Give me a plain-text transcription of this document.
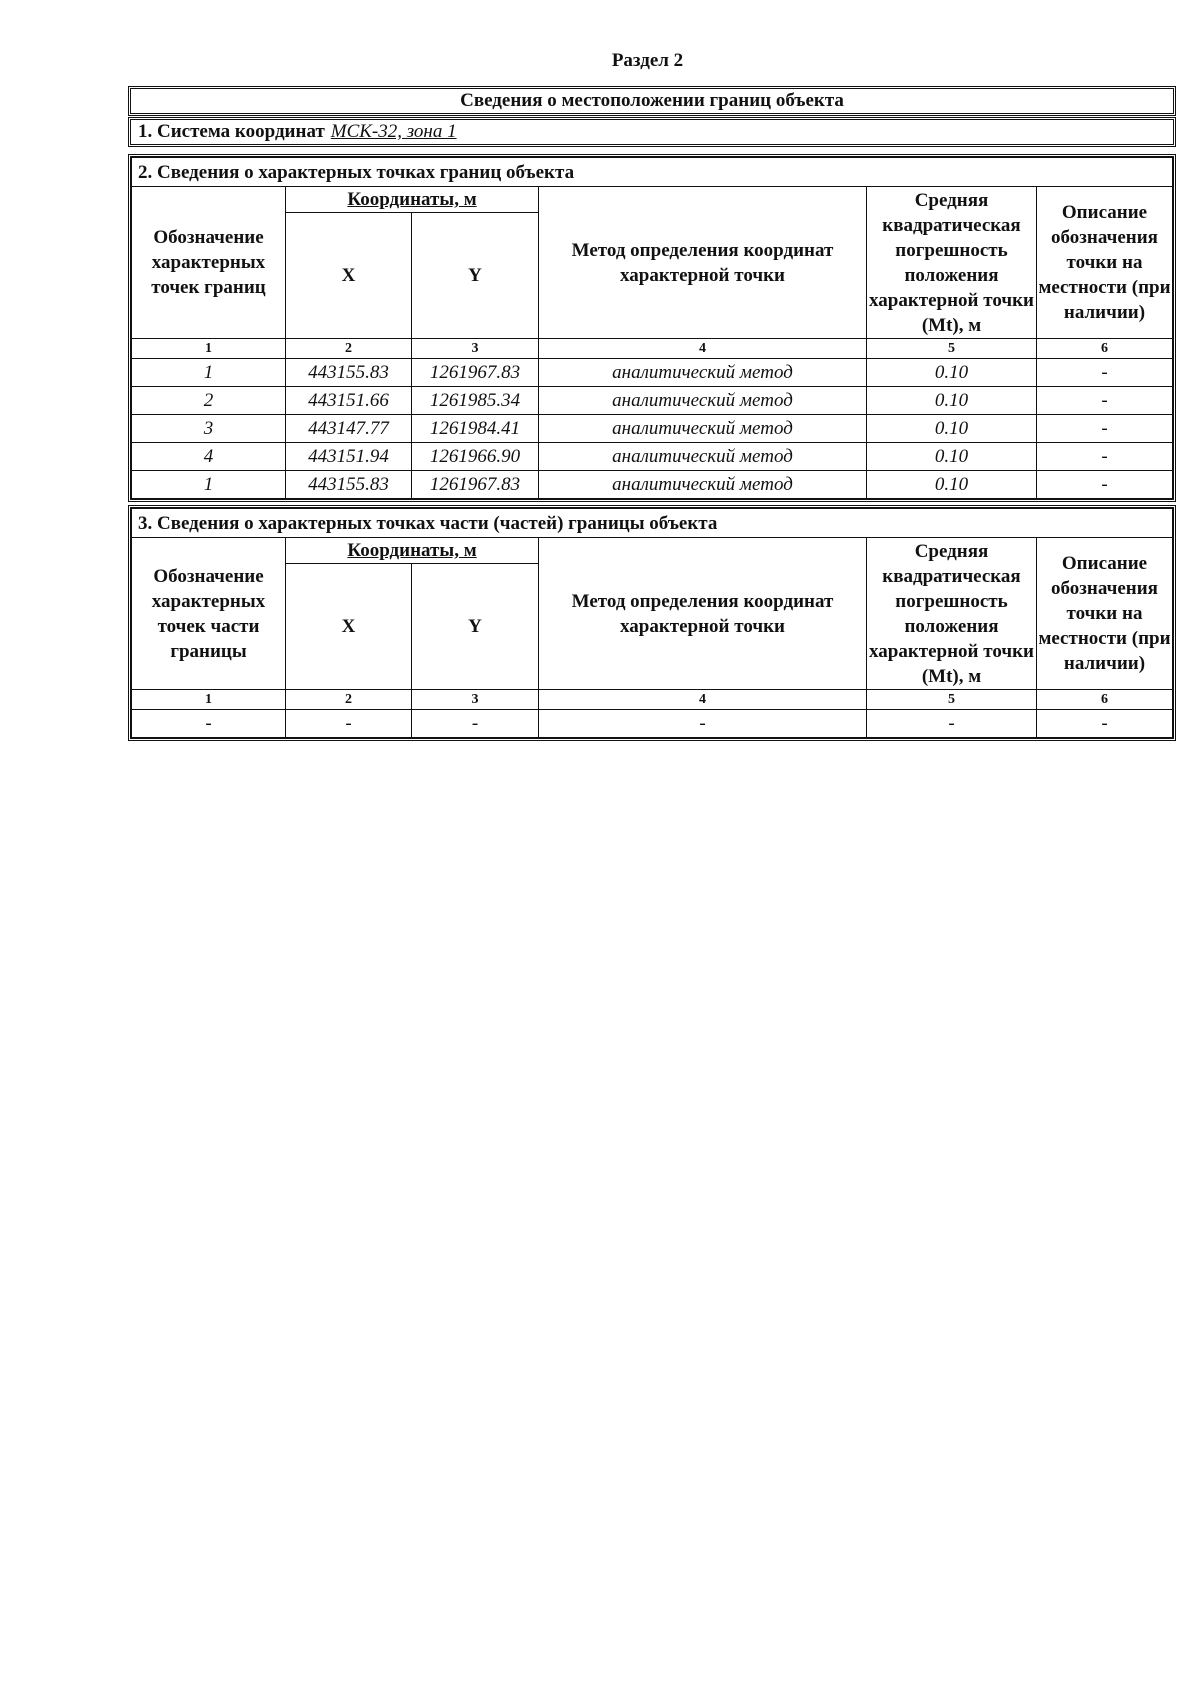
Раздел 2
Сведения о местоположении границ объекта
1. Система координат МСК-32, зона 1
2. Сведения о характерных точках границ объекта					
Обозначение характерных точек границ	Координаты, м		Метод определения координат характерной точки	Средняя квадратическая погрешность положения характерной точки (Mt), м	Описание обозначения точки на местности (при наличии)
	X	Y			
1	2	3	4	5	6
1	443155.83	1261967.83	аналитический метод	0.10	-
2	443151.66	1261985.34	аналитический метод	0.10	-
3	443147.77	1261984.41	аналитический метод	0.10	-
4	443151.94	1261966.90	аналитический метод	0.10	-
1	443155.83	1261967.83	аналитический метод	0.10	-
3. Сведения о характерных точках части (частей) границы объекта					
Обозначение характерных точек части границы	Координаты, м		Метод определения координат характерной точки	Средняя квадратическая погрешность положения характерной точки (Mt), м	Описание обозначения точки на местности (при наличии)
	X	Y			
1	2	3	4	5	6
-	-	-	-	-	-
